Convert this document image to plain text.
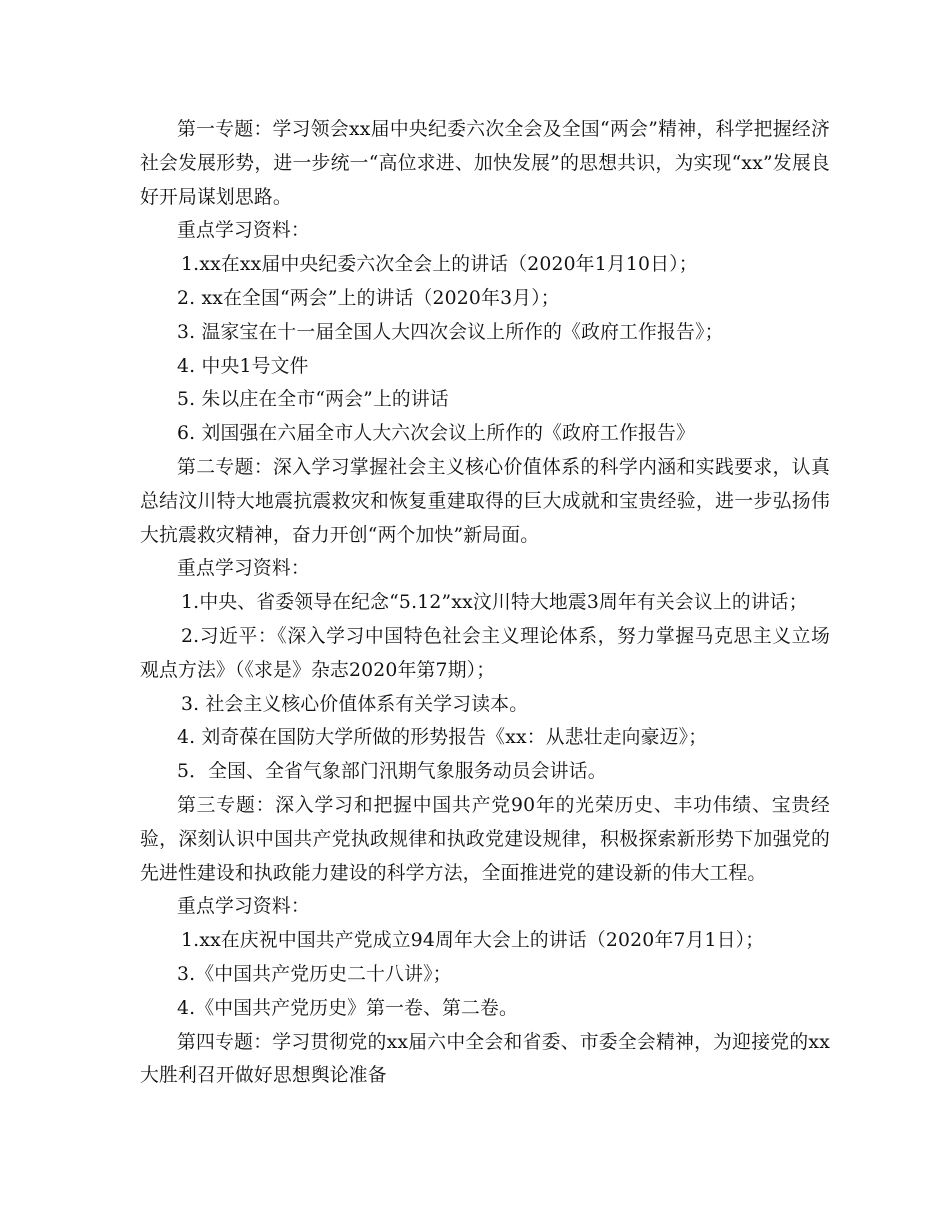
第一专题：学习领会xx届中央纪委六次全会及全国“两会”精神，科学把握经济社会发展形势，进一步统一“高位求进、加快发展”的思想共识，为实现“xx”发展良好开局谋划思路。

重点学习资料：

1.xx在xx届中央纪委六次全会上的讲话（2020年1月10日）；

2. xx在全国“两会”上的讲话（2020年3月）；

3. 温家宝在十一届全国人大四次会议上所作的《政府工作报告》；

4. 中央1号文件

5. 朱以庄在全市“两会”上的讲话

6. 刘国强在六届全市人大六次会议上所作的《政府工作报告》

第二专题：深入学习掌握社会主义核心价值体系的科学内涵和实践要求，认真总结汶川特大地震抗震救灾和恢复重建取得的巨大成就和宝贵经验，进一步弘扬伟大抗震救灾精神，奋力开创“两个加快”新局面。

重点学习资料：

1.中央、省委领导在纪念“5.12”xx汶川特大地震3周年有关会议上的讲话；

2.习近平：《深入学习中国特色社会主义理论体系，努力掌握马克思主义立场观点方法》（《求是》杂志2020年第7期）；

3. 社会主义核心价值体系有关学习读本。

4. 刘奇葆在国防大学所做的形势报告《xx：从悲壮走向豪迈》；

5．全国、全省气象部门汛期气象服务动员会讲话。

第三专题：深入学习和把握中国共产党90年的光荣历史、丰功伟绩、宝贵经验，深刻认识中国共产党执政规律和执政党建设规律，积极探索新形势下加强党的先进性建设和执政能力建设的科学方法，全面推进党的建设新的伟大工程。

重点学习资料：

1.xx在庆祝中国共产党成立94周年大会上的讲话（2020年7月1日）；

3.《中国共产党历史二十八讲》；

4.《中国共产党历史》第一卷、第二卷。

第四专题：学习贯彻党的xx届六中全会和省委、市委全会精神，为迎接党的xx大胜利召开做好思想舆论准备
